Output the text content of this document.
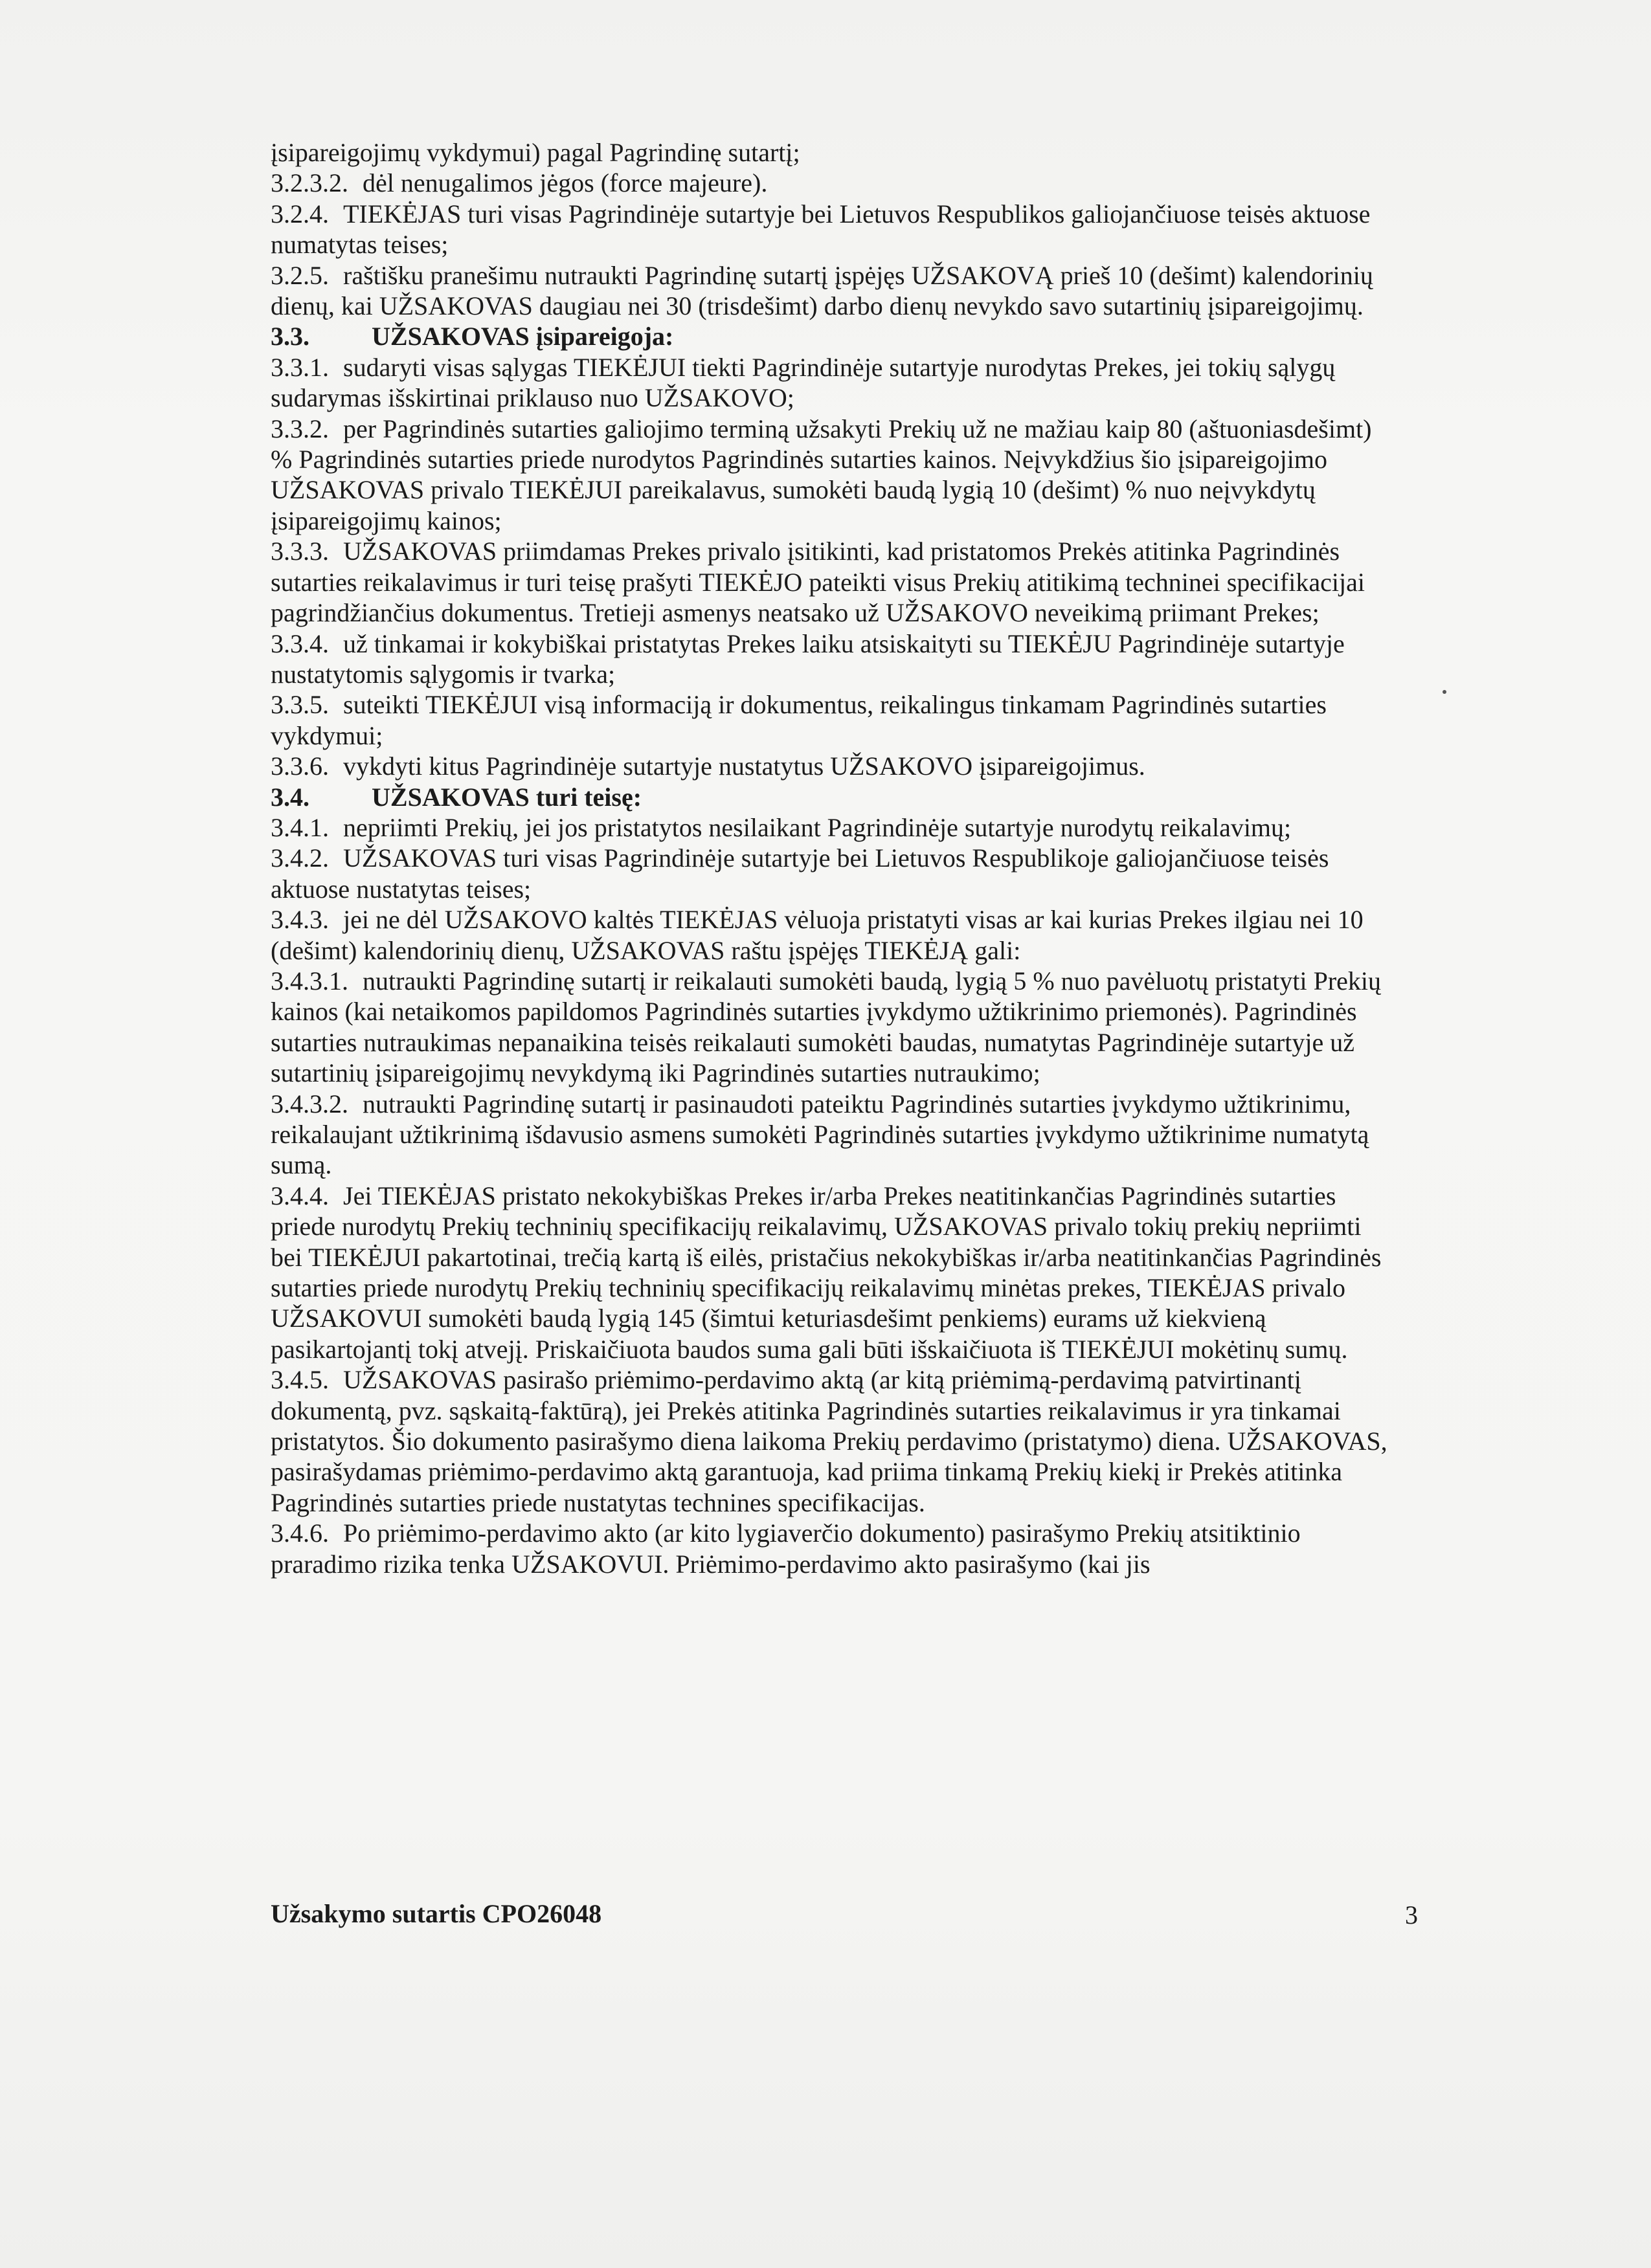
įsipareigojimų vykdymui) pagal Pagrindinę sutartį;

3.2.3.2. dėl nenugalimos jėgos (force majeure).

3.2.4. TIEKĖJAS turi visas Pagrindinėje sutartyje bei Lietuvos Respublikos galiojančiuose teisės aktuose numatytas teises;

3.2.5. raštišku pranešimu nutraukti Pagrindinę sutartį įspėjęs UŽSAKOVĄ prieš 10 (dešimt) kalendorinių dienų, kai UŽSAKOVAS daugiau nei 30 (trisdešimt) darbo dienų nevykdo savo sutartinių įsipareigojimų.

3.3. UŽSAKOVAS įsipareigoja:

3.3.1. sudaryti visas sąlygas TIEKĖJUI tiekti Pagrindinėje sutartyje nurodytas Prekes, jei tokių sąlygų sudarymas išskirtinai priklauso nuo UŽSAKOVO;

3.3.2. per Pagrindinės sutarties galiojimo terminą užsakyti Prekių už ne mažiau kaip 80 (aštuoniasdešimt) % Pagrindinės sutarties priede nurodytos Pagrindinės sutarties kainos. Neįvykdžius šio įsipareigojimo UŽSAKOVAS privalo TIEKĖJUI pareikalavus, sumokėti baudą lygią 10 (dešimt) % nuo neįvykdytų įsipareigojimų kainos;

3.3.3. UŽSAKOVAS priimdamas Prekes privalo įsitikinti, kad pristatomos Prekės atitinka Pagrindinės sutarties reikalavimus ir turi teisę prašyti TIEKĖJO pateikti visus Prekių atitikimą techninei specifikacijai pagrindžiančius dokumentus. Tretieji asmenys neatsako už UŽSAKOVO neveikimą priimant Prekes;

3.3.4. už tinkamai ir kokybiškai pristatytas Prekes laiku atsiskaityti su TIEKĖJU Pagrindinėje sutartyje nustatytomis sąlygomis ir tvarka;

3.3.5. suteikti TIEKĖJUI visą informaciją ir dokumentus, reikalingus tinkamam Pagrindinės sutarties vykdymui;

3.3.6. vykdyti kitus Pagrindinėje sutartyje nustatytus UŽSAKOVO įsipareigojimus.

3.4. UŽSAKOVAS turi teisę:

3.4.1. nepriimti Prekių, jei jos pristatytos nesilaikant Pagrindinėje sutartyje nurodytų reikalavimų;

3.4.2. UŽSAKOVAS turi visas Pagrindinėje sutartyje bei Lietuvos Respublikoje galiojančiuose teisės aktuose nustatytas teises;

3.4.3. jei ne dėl UŽSAKOVO kaltės TIEKĖJAS vėluoja pristatyti visas ar kai kurias Prekes ilgiau nei 10 (dešimt) kalendorinių dienų, UŽSAKOVAS raštu įspėjęs TIEKĖJĄ gali:

3.4.3.1. nutraukti Pagrindinę sutartį ir reikalauti sumokėti baudą, lygią 5 % nuo pavėluotų pristatyti Prekių kainos (kai netaikomos papildomos Pagrindinės sutarties įvykdymo užtikrinimo priemonės). Pagrindinės sutarties nutraukimas nepanaikina teisės reikalauti sumokėti baudas, numatytas Pagrindinėje sutartyje už sutartinių įsipareigojimų nevykdymą iki Pagrindinės sutarties nutraukimo;

3.4.3.2. nutraukti Pagrindinę sutartį ir pasinaudoti pateiktu Pagrindinės sutarties įvykdymo užtikrinimu, reikalaujant užtikrinimą išdavusio asmens sumokėti Pagrindinės sutarties įvykdymo užtikrinime numatytą sumą.

3.4.4. Jei TIEKĖJAS pristato nekokybiškas Prekes ir/arba Prekes neatitinkančias Pagrindinės sutarties priede nurodytų Prekių techninių specifikacijų reikalavimų, UŽSAKOVAS privalo tokių prekių nepriimti bei TIEKĖJUI pakartotinai, trečią kartą iš eilės, pristačius nekokybiškas ir/arba neatitinkančias Pagrindinės sutarties priede nurodytų Prekių techninių specifikacijų reikalavimų minėtas prekes, TIEKĖJAS privalo UŽSAKOVUI sumokėti baudą lygią 145 (šimtui keturiasdešimt penkiems) eurams už kiekvieną pasikartojantį tokį atvejį. Priskaičiuota baudos suma gali būti išskaičiuota iš TIEKĖJUI mokėtinų sumų.

3.4.5. UŽSAKOVAS pasirašo priėmimo-perdavimo aktą (ar kitą priėmimą-perdavimą patvirtinantį dokumentą, pvz. sąskaitą-faktūrą), jei Prekės atitinka Pagrindinės sutarties reikalavimus ir yra tinkamai pristatytos. Šio dokumento pasirašymo diena laikoma Prekių perdavimo (pristatymo) diena. UŽSAKOVAS, pasirašydamas priėmimo-perdavimo aktą garantuoja, kad priima tinkamą Prekių kiekį ir Prekės atitinka Pagrindinės sutarties priede nustatytas technines specifikacijas.

3.4.6. Po priėmimo-perdavimo akto (ar kito lygiaverčio dokumento) pasirašymo Prekių atsitiktinio praradimo rizika tenka UŽSAKOVUI. Priėmimo-perdavimo akto pasirašymo (kai jis

Užsakymo sutartis CPO26048	3
